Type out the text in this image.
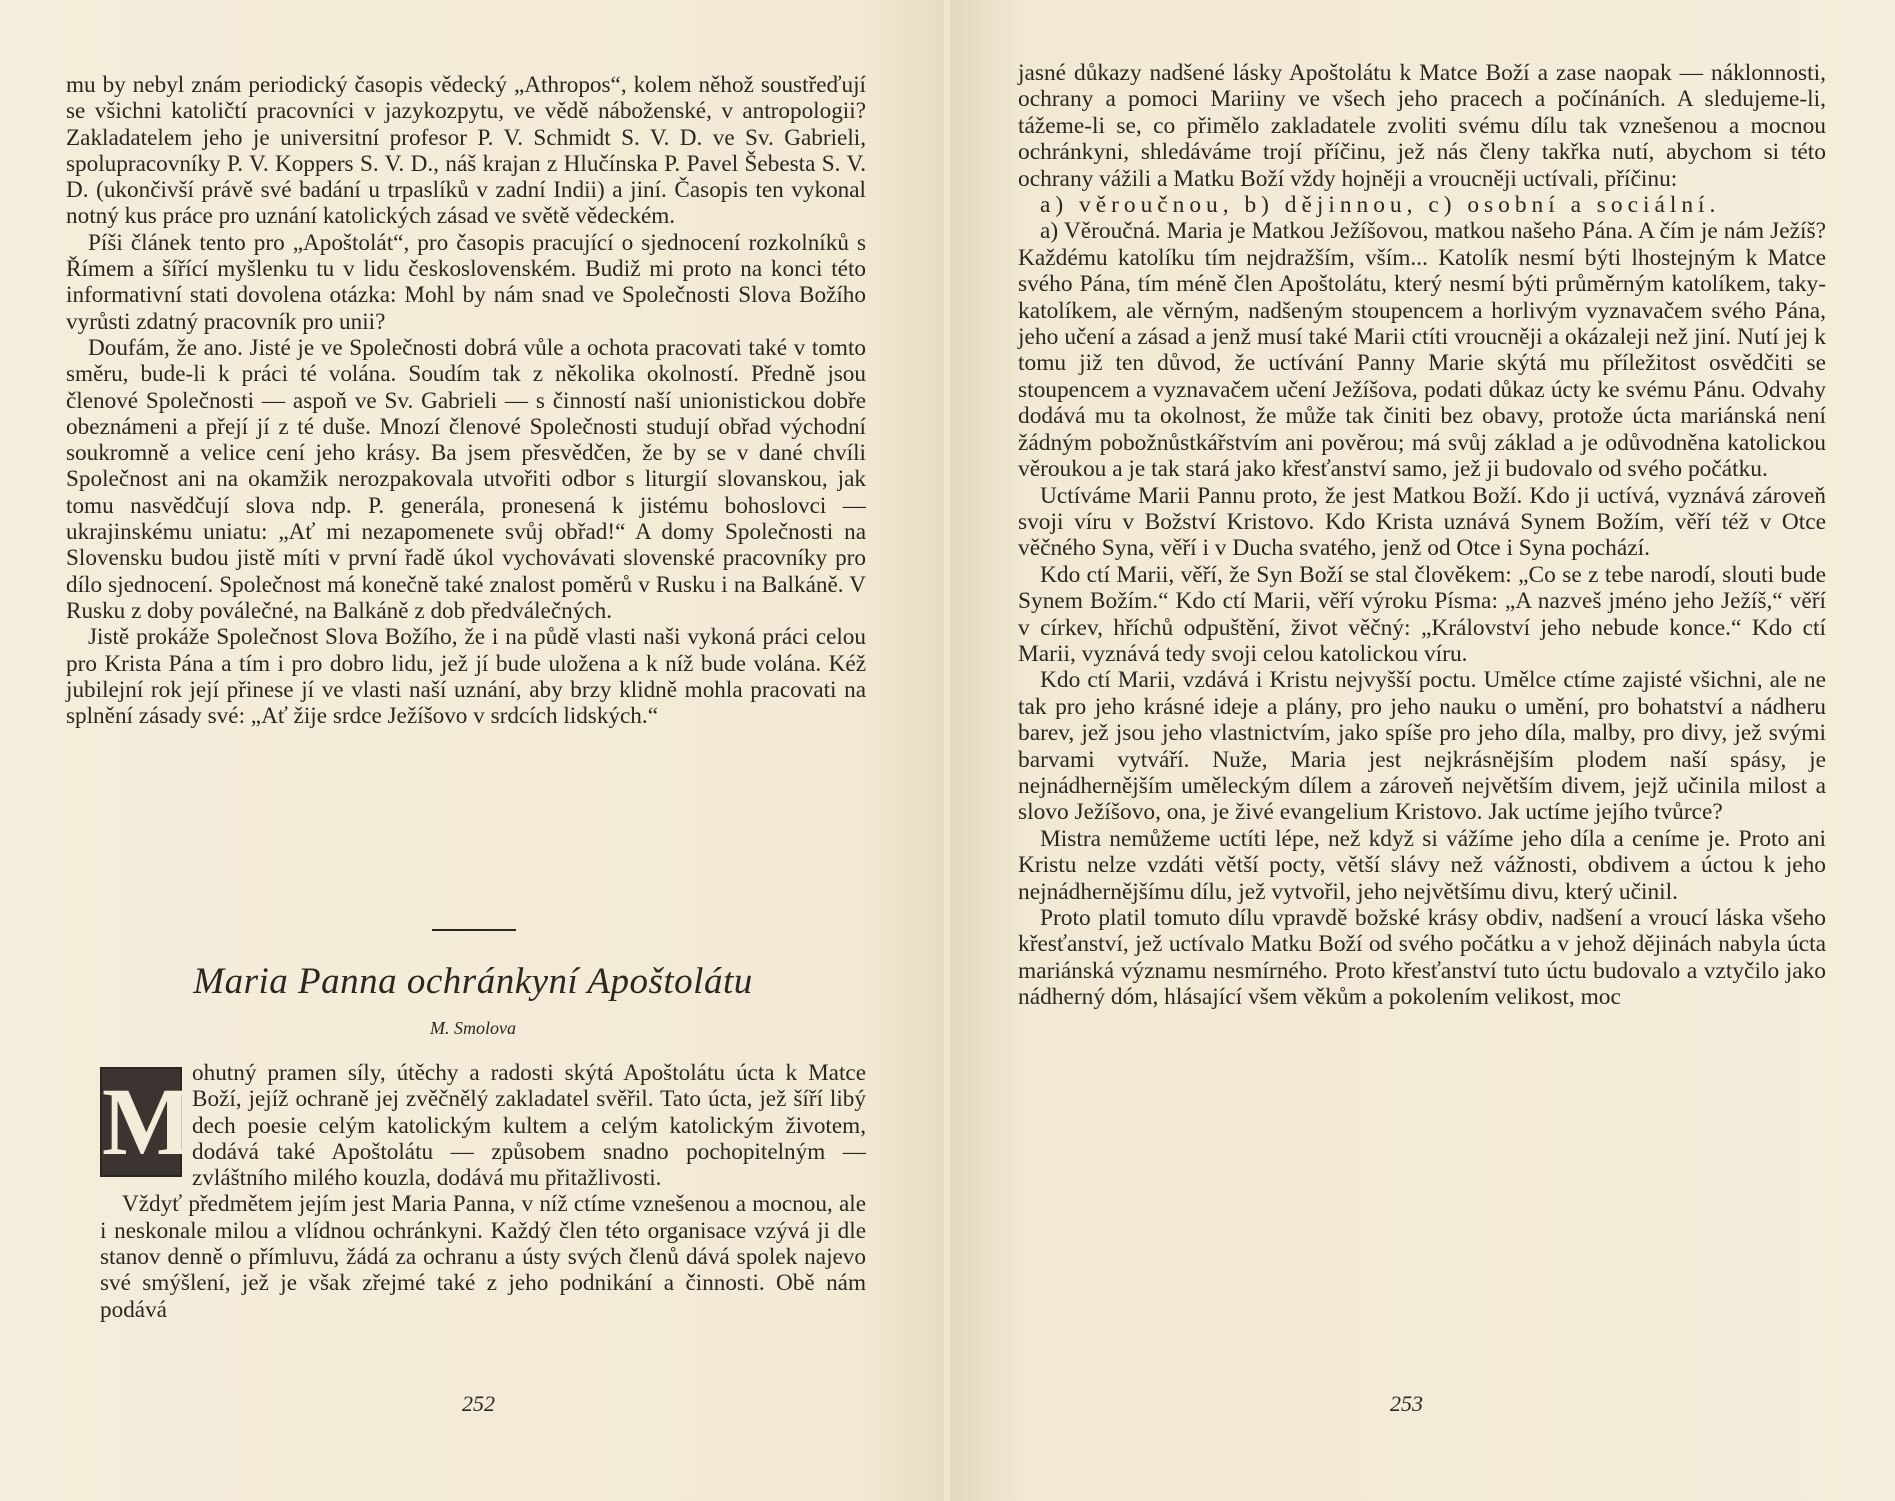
mu by nebyl znám periodický časopis vědecký „Athropos“, kolem něhož soustřeďují se všichni katoličtí pracovníci v jazykozpytu, ve vědě náboženské, v antropologii? Zakladatelem jeho je universitní profesor P. V. Schmidt S. V. D. ve Sv. Gabrieli, spolupracovníky P. V. Koppers S. V. D., náš krajan z Hlučínska P. Pavel Šebesta S. V. D. (ukončivší právě své badání u trpaslíků v zadní Indii) a jiní. Časopis ten vykonal notný kus práce pro uznání katolických zásad ve světě vědeckém.

Píši článek tento pro „Apoštolát“, pro časopis pracující o sjednocení rozkolníků s Římem a šířící myšlenku tu v lidu československém. Budiž mi proto na konci této informativní stati dovolena otázka: Mohl by nám snad ve Společnosti Slova Božího vyrůsti zdatný pracovník pro unii?

Doufám, že ano. Jisté je ve Společnosti dobrá vůle a ochota pracovati také v tomto směru, bude-li k práci té volána. Soudím tak z několika okolností. Předně jsou členové Společnosti — aspoň ve Sv. Gabrieli — s činností naší unionistickou dobře obeznámeni a přejí jí z té duše. Mnozí členové Společnosti studují obřad východní soukromně a velice cení jeho krásy. Ba jsem přesvědčen, že by se v dané chvíli Společnost ani na okamžik nerozpakovala utvořiti odbor s liturgií slovanskou, jak tomu nasvědčují slova ndp. P. generála, pronesená k jistému bohoslovci — ukrajinskému uniatu: „Ať mi nezapomenete svůj obřad!“ A domy Společnosti na Slovensku budou jistě míti v první řadě úkol vychovávati slovenské pracovníky pro dílo sjednocení. Společnost má konečně také znalost poměrů v Rusku i na Balkáně. V Rusku z doby poválečné, na Balkáně z dob předválečných.

Jistě prokáže Společnost Slova Božího, že i na půdě vlasti naši vykoná práci celou pro Krista Pána a tím i pro dobro lidu, jež jí bude uložena a k níž bude volána. Kéž jubilejní rok její přinese jí ve vlasti naší uznání, aby brzy klidně mohla pracovati na splnění zásady své: „Ať žije srdce Ježíšovo v srdcích lidských.“

Maria Panna ochránkyní Apoštolátu
M. Smolova
M ohutný pramen síly, útěchy a radosti skýtá Apoštolátu úcta k Matce Boží, jejíž ochraně jej zvěčnělý zakladatel svěřil. Tato úcta, jež šíří libý dech poesie celým katolickým kultem a celým katolickým životem, dodává také Apoštolátu — způsobem snadno pochopitelným — zvláštního milého kouzla, dodává mu přitažlivosti.

Vždyť předmětem jejím jest Maria Panna, v níž ctíme vznešenou a mocnou, ale i neskonale milou a vlídnou ochránkyni. Každý člen této organisace vzývá ji dle stanov denně o přímluvu, žádá za ochranu a ústy svých členů dává spolek najevo své smýšlení, jež je však zřejmé také z jeho podnikání a činnosti. Obě nám podává

252

jasné důkazy nadšené lásky Apoštolátu k Matce Boží a zase naopak — náklonnosti, ochrany a pomoci Mariiny ve všech jeho pracech a počínáních. A sledujeme-li, tážeme-li se, co přimělo zakladatele zvoliti svému dílu tak vznešenou a mocnou ochránkyni, shledáváme trojí příčinu, jež nás členy takřka nutí, abychom si této ochrany vážili a Matku Boží vždy hojněji a vroucněji uctívali, příčinu:

a) věroučnou, b) dějinnou, c) osobní a sociální.

a) Věroučná. Maria je Matkou Ježíšovou, matkou našeho Pána. A čím je nám Ježíš? Každému katolíku tím nejdražším, vším... Katolík nesmí býti lhostejným k Matce svého Pána, tím méně člen Apoštolátu, který nesmí býti průměrným katolíkem, taky-katolíkem, ale věrným, nadšeným stoupencem a horlivým vyznavačem svého Pána, jeho učení a zásad a jenž musí také Marii ctíti vroucněji a okázaleji než jiní. Nutí jej k tomu již ten důvod, že uctívání Panny Marie skýtá mu příležitost osvědčiti se stoupencem a vyznavačem učení Ježíšova, podati důkaz úcty ke svému Pánu. Odvahy dodává mu ta okolnost, že může tak činiti bez obavy, protože úcta mariánská není žádným pobožnůstkářstvím ani pověrou; má svůj základ a je odůvodněna katolickou věroukou a je tak stará jako křesťanství samo, jež ji budovalo od svého počátku.

Uctíváme Marii Pannu proto, že jest Matkou Boží. Kdo ji uctívá, vyznává zároveň svoji víru v Božství Kristovo. Kdo Krista uznává Synem Božím, věří též v Otce věčného Syna, věří i v Ducha svatého, jenž od Otce i Syna pochází.

Kdo ctí Marii, věří, že Syn Boží se stal člověkem: „Co se z tebe narodí, slouti bude Synem Božím.“ Kdo ctí Marii, věří výroku Písma: „A nazveš jméno jeho Ježíš,“ věří v církev, hříchů odpuštění, život věčný: „Království jeho nebude konce.“ Kdo ctí Marii, vyznává tedy svoji celou katolickou víru.

Kdo ctí Marii, vzdává i Kristu nejvyšší poctu. Umělce ctíme zajisté všichni, ale ne tak pro jeho krásné ideje a plány, pro jeho nauku o umění, pro bohatství a nádheru barev, jež jsou jeho vlastnictvím, jako spíše pro jeho díla, malby, pro divy, jež svými barvami vytváří. Nuže, Maria jest nejkrásnějším plodem naší spásy, je nejnádhernějším uměleckým dílem a zároveň největším divem, jejž učinila milost a slovo Ježíšovo, ona, je živé evangelium Kristovo. Jak uctíme jejího tvůrce?

Mistra nemůžeme uctíti lépe, než když si vážíme jeho díla a ceníme je. Proto ani Kristu nelze vzdáti větší pocty, větší slávy než vážnosti, obdivem a úctou k jeho nejnádhernějšímu dílu, jež vytvořil, jeho největšímu divu, který učinil.

Proto platil tomuto dílu vpravdě božské krásy obdiv, nadšení a vroucí láska všeho křesťanství, jež uctívalo Matku Boží od svého počátku a v jehož dějinách nabyla úcta mariánská významu nesmírného. Proto křesťanství tuto úctu budovalo a vztyčilo jako nádherný dóm, hlásající všem věkům a pokolením velikost, moc

253
